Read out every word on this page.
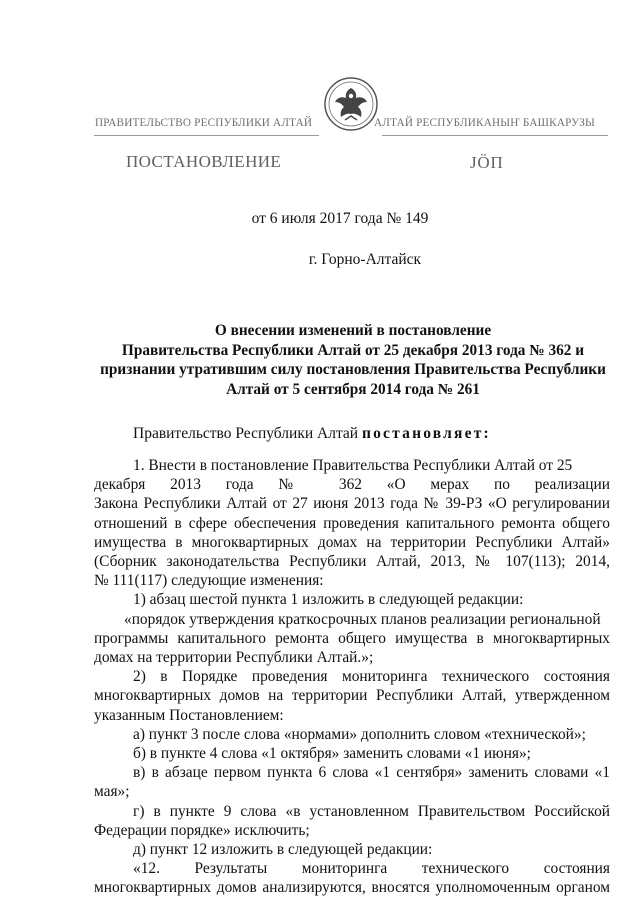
ПРАВИТЕЛЬСТВО РЕСПУБЛИКИ АЛТАЙ	АЛТАЙ РЕСПУБЛИКАНЫҤ БАШКАРУЗЫ
ПОСТАНОВЛЕНИЕ	ЈӦП
от 6 июля 2017 года № 149
г. Горно-Алтайск
О внесении изменений в постановление
Правительства Республики Алтай от 25 декабря 2013 года № 362 и
признании утратившим силу постановления Правительства Республики
Алтай от 5 сентября 2014 года № 261
Правительство Республики Алтай постановляет:
1. Внести в постановление Правительства Республики Алтай от 25
декабря 2013 года № 362 «О мерах по реализации
Закона Республики Алтай от 27 июня 2013 года № 39-РЗ «О регулировании
отношений в сфере обеспечения проведения капитального ремонта общего
имущества в многоквартирных домах на территории Республики Алтай»
(Сборник законодательства Республики Алтай, 2013, № 107(113); 2014,
№ 111(117) следующие изменения:
1) абзац шестой пункта 1 изложить в следующей редакции:
«порядок утверждения краткосрочных планов реализации региональной
программы капитального ремонта общего имущества в многоквартирных
домах на территории Республики Алтай.»;
2) в Порядке проведения мониторинга технического состояния
многоквартирных домов на территории Республики Алтай, утвержденном
указанным Постановлением:
а) пункт 3 после слова «нормами» дополнить словом «технической»;
б) в пункте 4 слова «1 октября» заменить словами «1 июня»;
в) в абзаце первом пункта 6 слова «1 сентября» заменить словами «1
мая»;
г) в пункте 9 слова «в установленном Правительством Российской
Федерации порядке» исключить;
д) пункт 12 изложить в следующей редакции:
«12. Результаты мониторинга технического состояния
многоквартирных домов анализируются, вносятся уполномоченным органом
